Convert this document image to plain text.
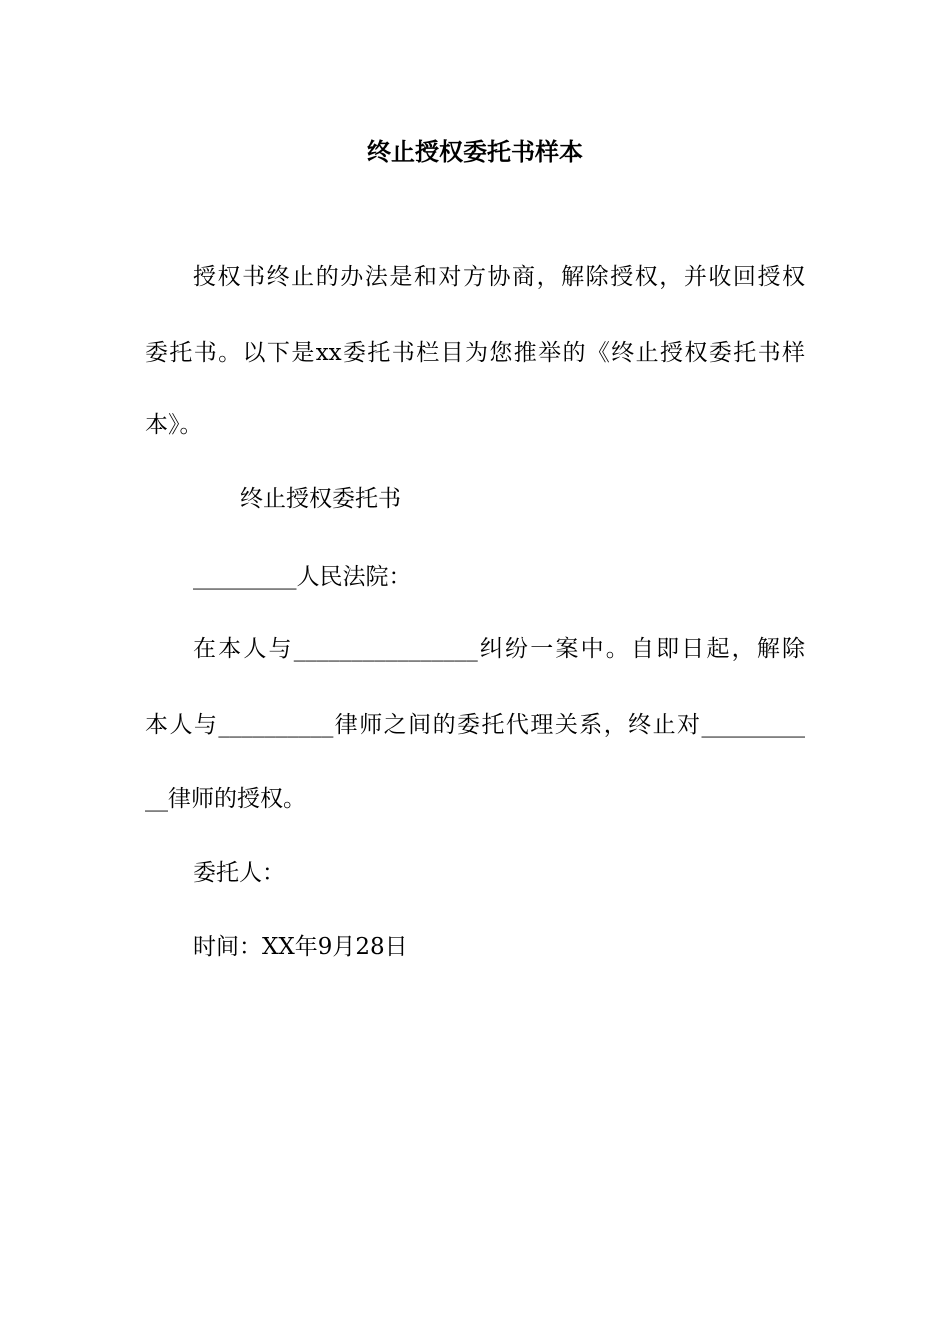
终止授权委托书样本
授权书终止的办法是和对方协商，解除授权，并收回授权
委托书。以下是xx委托书栏目为您推举的《终止授权委托书样
本》。
终止授权委托书
_________人民法院：
在本人与________________纠纷一案中。自即日起，解除
本人与__________律师之间的委托代理关系，终止对_________
__律师的授权。
委托人：
时间：XX年9月28日
